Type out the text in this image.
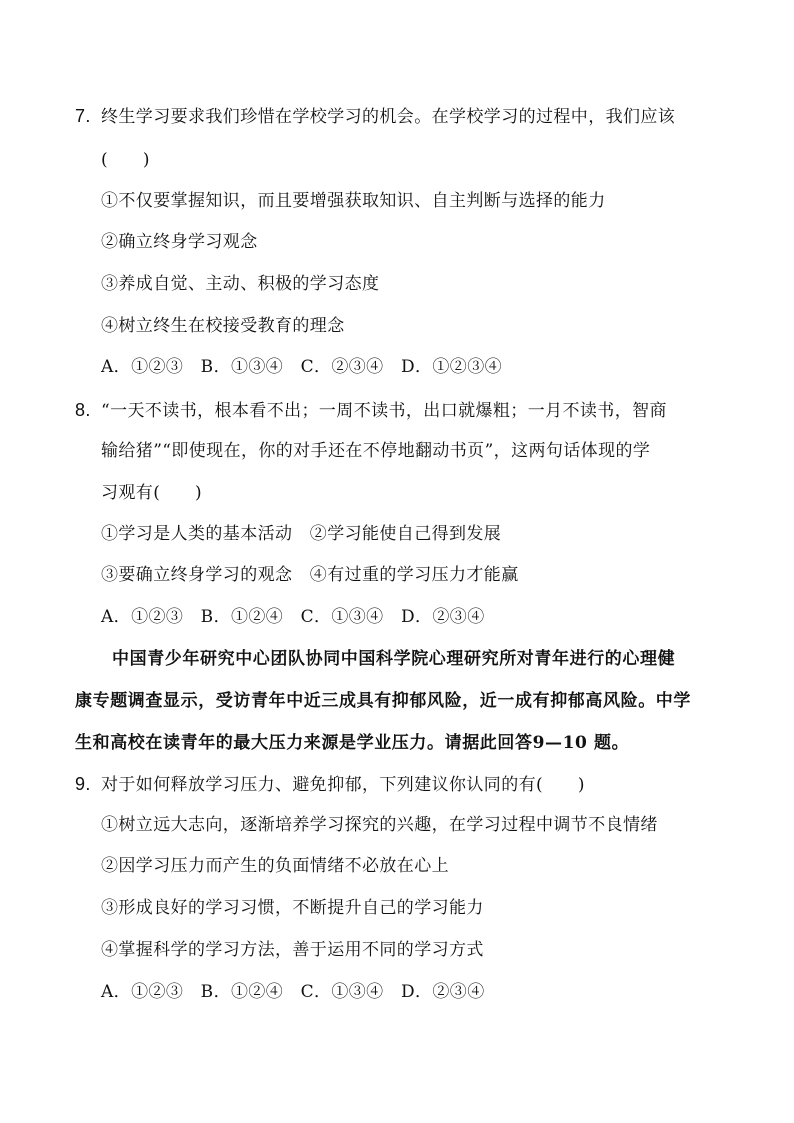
7. 终生学习要求我们珍惜在学校学习的机会。在学校学习的过程中，我们应该
(　　)
①不仅要掌握知识，而且要增强获取知识、自主判断与选择的能力
②确立终身学习观念
③养成自觉、主动、积极的学习态度
④树立终生在校接受教育的理念
A．①②③　B．①③④　C．②③④　D．①②③④
8. “一天不读书，根本看不出；一周不读书，出口就爆粗；一月不读书，智商
输给猪”“即使现在，你的对手还在不停地翻动书页”，这两句话体现的学
习观有(　　)
①学习是人类的基本活动　②学习能使自己得到发展
③要确立终身学习的观念　④有过重的学习压力才能赢
A．①②③　B．①②④　C．①③④　D．②③④
中国青少年研究中心团队协同中国科学院心理研究所对青年进行的心理健
康专题调查显示，受访青年中近三成具有抑郁风险，近一成有抑郁高风险。中学
生和高校在读青年的最大压力来源是学业压力。请据此回答9—10 题。
9. 对于如何释放学习压力、避免抑郁，下列建议你认同的有(　　)
①树立远大志向，逐渐培养学习探究的兴趣，在学习过程中调节不良情绪
②因学习压力而产生的负面情绪不必放在心上
③形成良好的学习习惯，不断提升自己的学习能力
④掌握科学的学习方法，善于运用不同的学习方式
A．①②③　B．①②④　C．①③④　D．②③④
